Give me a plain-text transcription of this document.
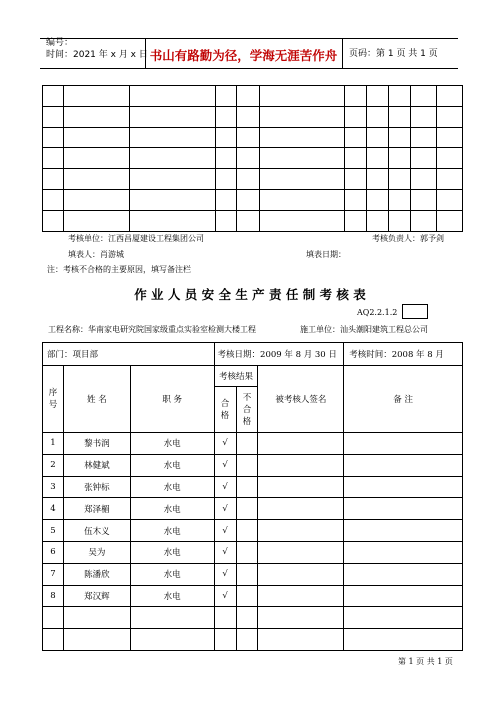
编号：
时间：2021 年 x 月 x 日 书山有路勤为径，学海无涯苦作舟	页码：第 1 页 共 1 页

考核单位：江西昌厦建设工程集团公司	考核负责人：郭予剑
填表人：肖游城	填表日期：
注：考核不合格的主要原因，填写备注栏
作 业 人 员 安 全 生 产 责 任 制 考 核 表
AQ2.2.1.2
工程名称：华南家电研究院国家级重点实验室检测大楼工程	施工单位：汕头潮阳建筑工程总公司
部门：项目部			考核日期：2009 年 8 月 30 日			考核时间：2008 年 8 月
序号	姓 名	职 务	考核结果		被考核人签名	备 注
			合格	不合格		
1	黎书润	水电	√			
2	林健斌	水电	√			
3	张钟标	水电	√			
4	郑泽楣	水电	√			
5	伍木义	水电	√			
6	吴为	水电	√			
7	陈潘欣	水电	√			
8	郑汉辉	水电	√			

第 1 页 共 1 页
